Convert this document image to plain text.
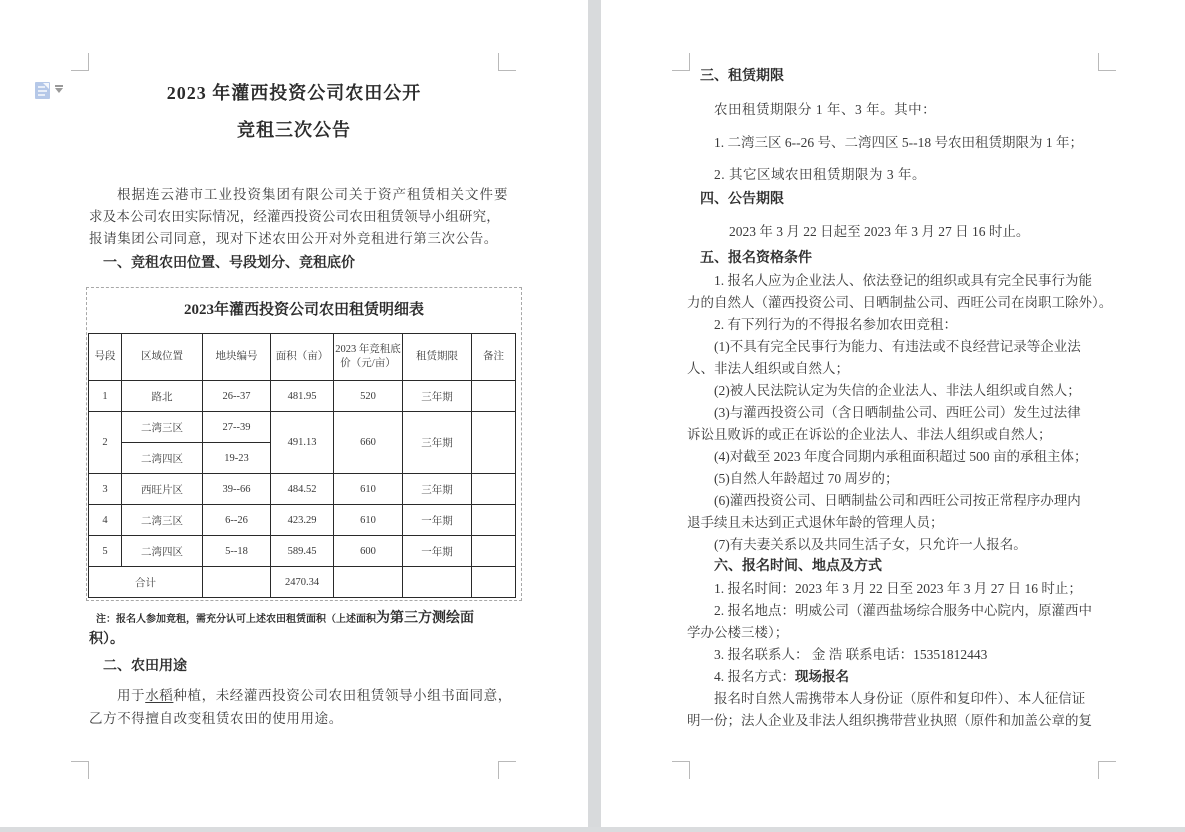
2023 年灌西投资公司农田公开
竞租三次公告
根据连云港市工业投资集团有限公司关于资产租赁相关文件要
求及本公司农田实际情况，经灌西投资公司农田租赁领导小组研究，
报请集团公司同意，现对下述农田公开对外竞租进行第三次公告。
一、竞租农田位置、号段划分、竞租底价
2023年灌西投资公司农田租赁明细表
号段	区域位置	地块编号	面积（亩）	2023 年竞租底价（元/亩）	租赁期限	备注
1	路北	26--37	481.95	520	三年期	
2	二湾三区	27--39	491.13	660	三年期	
	二湾四区	19-23				
3	西旺片区	39--66	484.52	610	三年期	
4	二湾三区	6--26	423.29	610	一年期	
5	二湾四区	5--18	589.45	600	一年期	
合计			2470.34			
注：报名人参加竞租，需充分认可上述农田租赁面积（上述面积为第三方测绘面
积）。
二、农田用途
用于水稻种植，未经灌西投资公司农田租赁领导小组书面同意，
乙方不得擅自改变租赁农田的使用用途。
三、租赁期限
农田租赁期限分 1 年、3 年。其中：
1. 二湾三区 6--26 号、二湾四区 5--18 号农田租赁期限为 1 年；
2. 其它区域农田租赁期限为 3 年。
四、公告期限
2023 年 3 月 22 日起至 2023 年 3 月 27 日 16 时止。
五、报名资格条件
1. 报名人应为企业法人、依法登记的组织或具有完全民事行为能
力的自然人（灌西投资公司、日晒制盐公司、西旺公司在岗职工除外）。
2. 有下列行为的不得报名参加农田竞租：
(1)不具有完全民事行为能力、有违法或不良经营记录等企业法
人、非法人组织或自然人；
(2)被人民法院认定为失信的企业法人、非法人组织或自然人；
(3)与灌西投资公司（含日晒制盐公司、西旺公司）发生过法律
诉讼且败诉的或正在诉讼的企业法人、非法人组织或自然人；
(4)对截至 2023 年度合同期内承租面积超过 500 亩的承租主体；
(5)自然人年龄超过 70 周岁的；
(6)灌西投资公司、日晒制盐公司和西旺公司按正常程序办理内
退手续且未达到正式退休年龄的管理人员；
(7)有夫妻关系以及共同生活子女，只允许一人报名。
六、报名时间、地点及方式
1. 报名时间：2023 年 3 月 22 日至 2023 年 3 月 27 日 16 时止；
2. 报名地点：明威公司（灌西盐场综合服务中心院内，原灌西中
学办公楼三楼）；
3. 报名联系人： 金 浩 联系电话：15351812443
4. 报名方式：现场报名
报名时自然人需携带本人身份证（原件和复印件）、本人征信证
明一份；法人企业及非法人组织携带营业执照（原件和加盖公章的复
